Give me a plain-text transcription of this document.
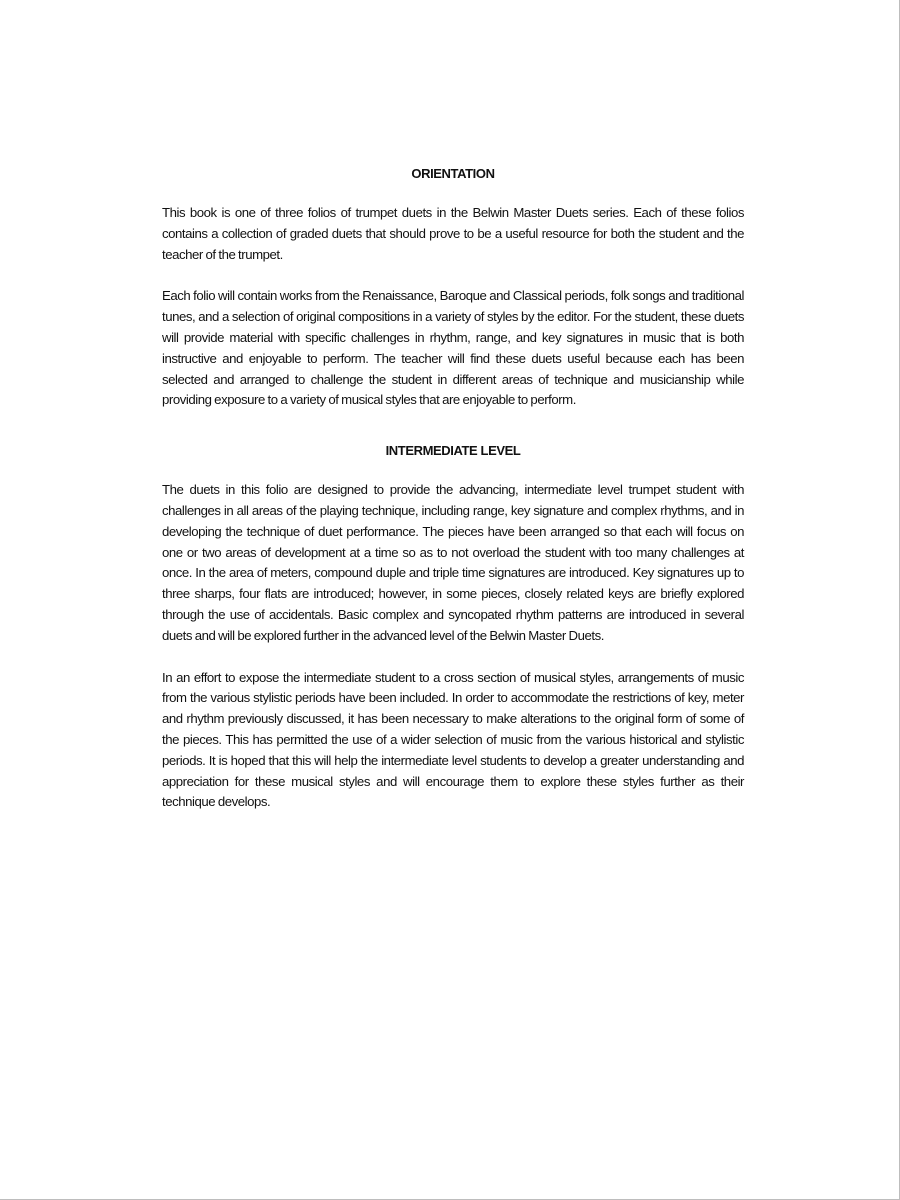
ORIENTATION

This book is one of three folios of trumpet duets in the Belwin Master Duets series. Each of these folios contains a collection of graded duets that should prove to be a useful resource for both the student and the teacher of the trumpet.

Each folio will contain works from the Renaissance, Baroque and Classical periods, folk songs and traditional tunes, and a selection of original compositions in a variety of styles by the editor. For the student, these duets will provide material with specific challenges in rhythm, range, and key signatures in music that is both instructive and enjoyable to perform. The teacher will find these duets useful because each has been selected and arranged to challenge the student in different areas of technique and musicianship while providing exposure to a variety of musical styles that are enjoyable to perform.

INTERMEDIATE LEVEL

The duets in this folio are designed to provide the advancing, intermediate level trumpet student with challenges in all areas of the playing technique, including range, key signature and complex rhythms, and in developing the technique of duet performance. The pieces have been arranged so that each will focus on one or two areas of development at a time so as to not overload the student with too many challenges at once. In the area of meters, compound duple and triple time signatures are introduced. Key signatures up to three sharps, four flats are introduced; however, in some pieces, closely related keys are briefly explored through the use of accidentals. Basic complex and syncopated rhythm patterns are introduced in several duets and will be explored further in the advanced level of the Belwin Master Duets.

In an effort to expose the intermediate student to a cross section of musical styles, arrangements of music from the various stylistic periods have been included. In order to accommodate the restrictions of key, meter and rhythm previously discussed, it has been necessary to make alterations to the original form of some of the pieces. This has permitted the use of a wider selection of music from the various historical and stylistic periods. It is hoped that this will help the intermediate level students to develop a greater understanding and appreciation for these musical styles and will encourage them to explore these styles further as their technique develops.
